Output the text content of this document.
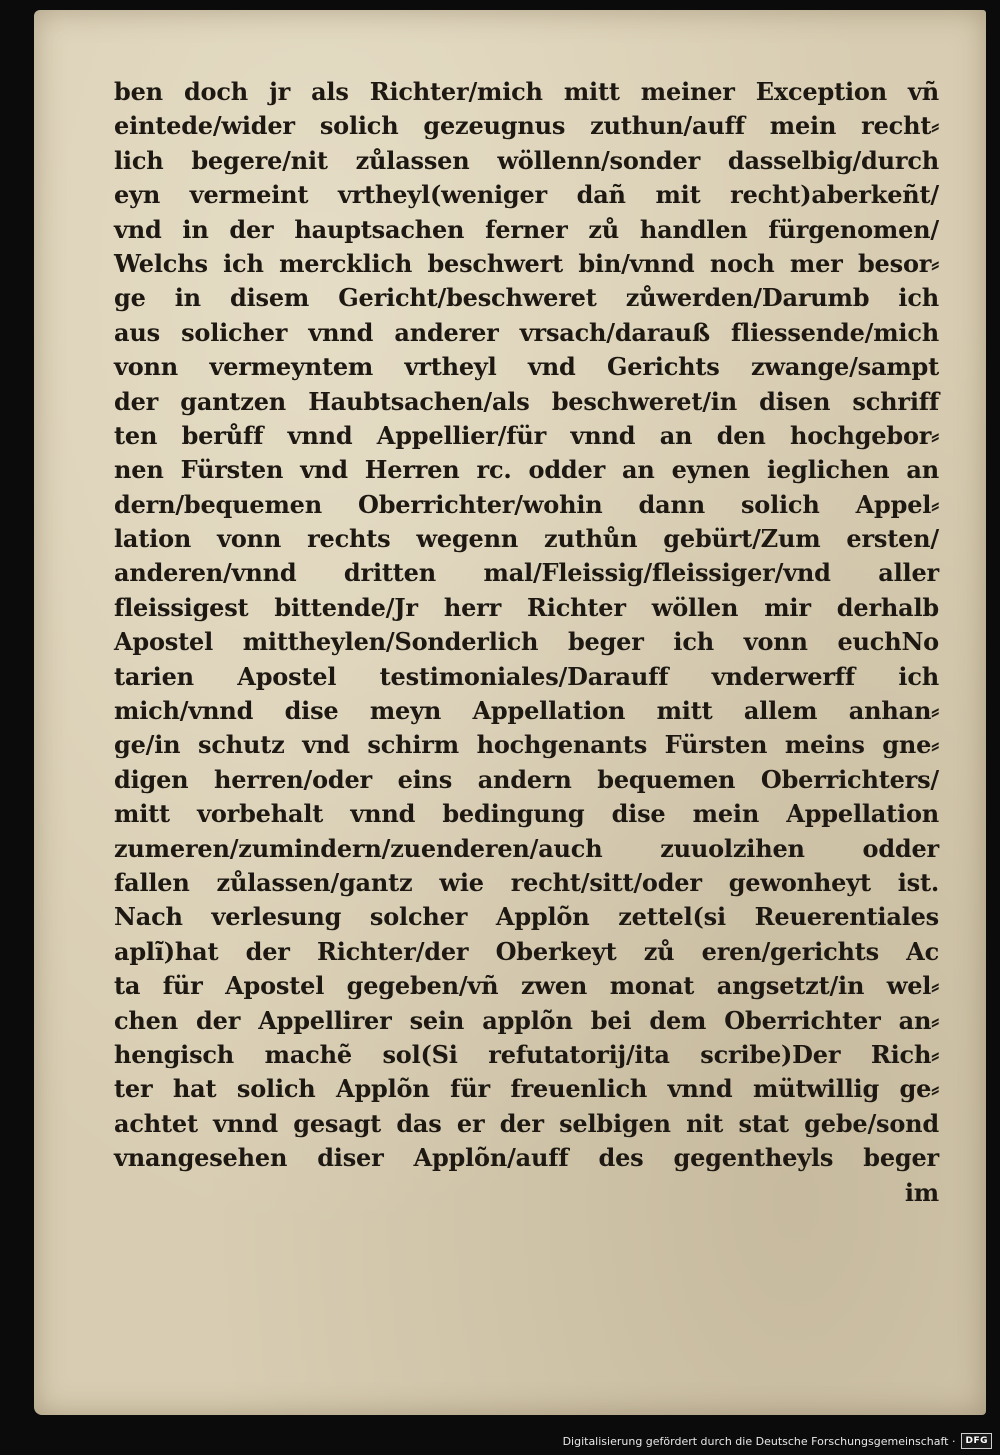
ben doch jr als Richter/mich mitt meiner Exception vñ
eintede/wider solich gezeugnus zuthun/auff mein recht⸗
lich begere/nit zůlassen wöllenn/sonder dasselbig/durch
eyn vermeint vrtheyl(weniger dañ mit recht)aberkeñt/
vnd in der hauptsachen ferner zů handlen fürgenomen/
Welchs ich mercklich beschwert bin/vnnd noch mer besor⸗
ge in disem Gericht/beschweret zůwerden/Darumb ich
aus solicher vnnd anderer vrsach/darauß fliessende/mich
vonn vermeyntem vrtheyl vnd Gerichts zwange/sampt
der gantzen Haubtsachen/als beschweret/in disen schriff
ten berůff vnnd Appellier/für vnnd an den hochgebor⸗
nen Fürsten vnd Herren rc. odder an eynen ieglichen an
dern/bequemen Oberrichter/wohin dann solich Appel⸗
lation vonn rechts wegenn zuthůn gebürt/Zum ersten/
anderen/vnnd dritten mal/Fleissig/fleissiger/vnd aller
fleissigest bittende/Jr herr Richter wöllen mir derhalb
Apostel mittheylen/Sonderlich beger ich vonn euchNo
tarien Apostel testimoniales/Darauff vnderwerff ich
mich/vnnd dise meyn Appellation mitt allem anhan⸗
ge/in schutz vnd schirm hochgenants Fürsten meins gne⸗
digen herren/oder eins andern bequemen Oberrichters/
mitt vorbehalt vnnd bedingung dise mein Appellation
zumeren/zumindern/zuenderen/auch zuuolzihen odder
fallen zůlassen/gantz wie recht/sitt/oder gewonheyt ist.
Nach verlesung solcher Applõn zettel(si Reuerentiales
aplĩ)hat der Richter/der Oberkeyt zů eren/gerichts Ac
ta für Apostel gegeben/vñ zwen monat angsetzt/in wel⸗
chen der Appellirer sein applõn bei dem Oberrichter an⸗
hengisch machẽ sol(Si refutatorij/ita scribe)Der Rich⸗
ter hat solich Applõn für freuenlich vnnd mütwillig ge⸗
achtet vnnd gesagt das er der selbigen nit stat gebe/sond
vnangesehen diser Applõn/auff des gegentheyls beger
im
Digitalisierung gefördert durch die Deutsche Forschungsgemeinschaft ·	DFG
